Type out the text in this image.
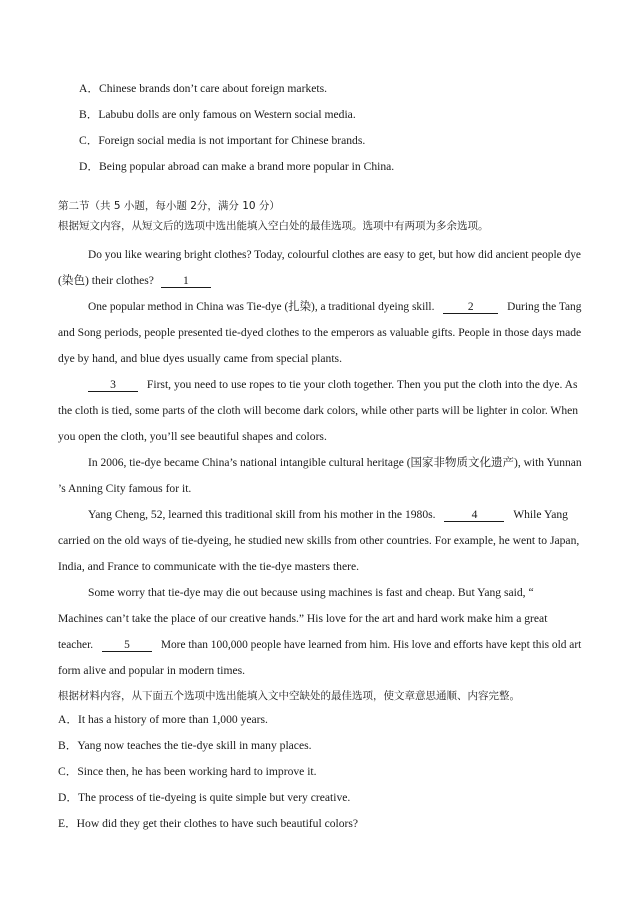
A．Chinese brands don’t care about foreign markets.
B．Labubu dolls are only famous on Western social media.
C．Foreign social media is not important for Chinese brands.
D．Being popular abroad can make a brand more popular in China.
第二节（共 5 小题，每小题 2分，满分 10 分）
根据短文内容，从短文后的选项中选出能填入空白处的最佳选项。选项中有两项为多余选项。
Do you like wearing bright clothes? Today, colourful clothes are easy to get, but how did ancient people dye
(染色) their clothes?	1
One popular method in China was Tie-dye (扎染), a traditional dyeing skill.	2	During the Tang
and Song periods, people presented tie-dyed clothes to the emperors as valuable gifts. People in those days made
dye by hand, and blue dyes usually came from special plants.
3	First, you need to use ropes to tie your cloth together. Then you put the cloth into the dye. As
the cloth is tied, some parts of the cloth will become dark colors, while other parts will be lighter in color. When
you open the cloth, you’ll see beautiful shapes and colors.
In 2006, tie-dye became China’s national intangible cultural heritage (国家非物质文化遗产), with Yunnan
’s Anning City famous for it.
Yang Cheng, 52, learned this traditional skill from his mother in the 1980s.	4	While Yang
carried on the old ways of tie-dyeing, he studied new skills from other countries. For example, he went to Japan,
India, and France to communicate with the tie-dye masters there.
Some worry that tie-dye may die out because using machines is fast and cheap. But Yang said, “
Machines can’t take the place of our creative hands.” His love for the art and hard work make him a great
teacher.	5	More than 100,000 people have learned from him. His love and efforts have kept this old art
form alive and popular in modern times.
根据材料内容，从下面五个选项中选出能填入文中空缺处的最佳选项，使文章意思通顺、内容完整。
A．It has a history of more than 1,000 years.
B．Yang now teaches the tie-dye skill in many places.
C．Since then, he has been working hard to improve it.
D．The process of tie-dyeing is quite simple but very creative.
E．How did they get their clothes to have such beautiful colors?
